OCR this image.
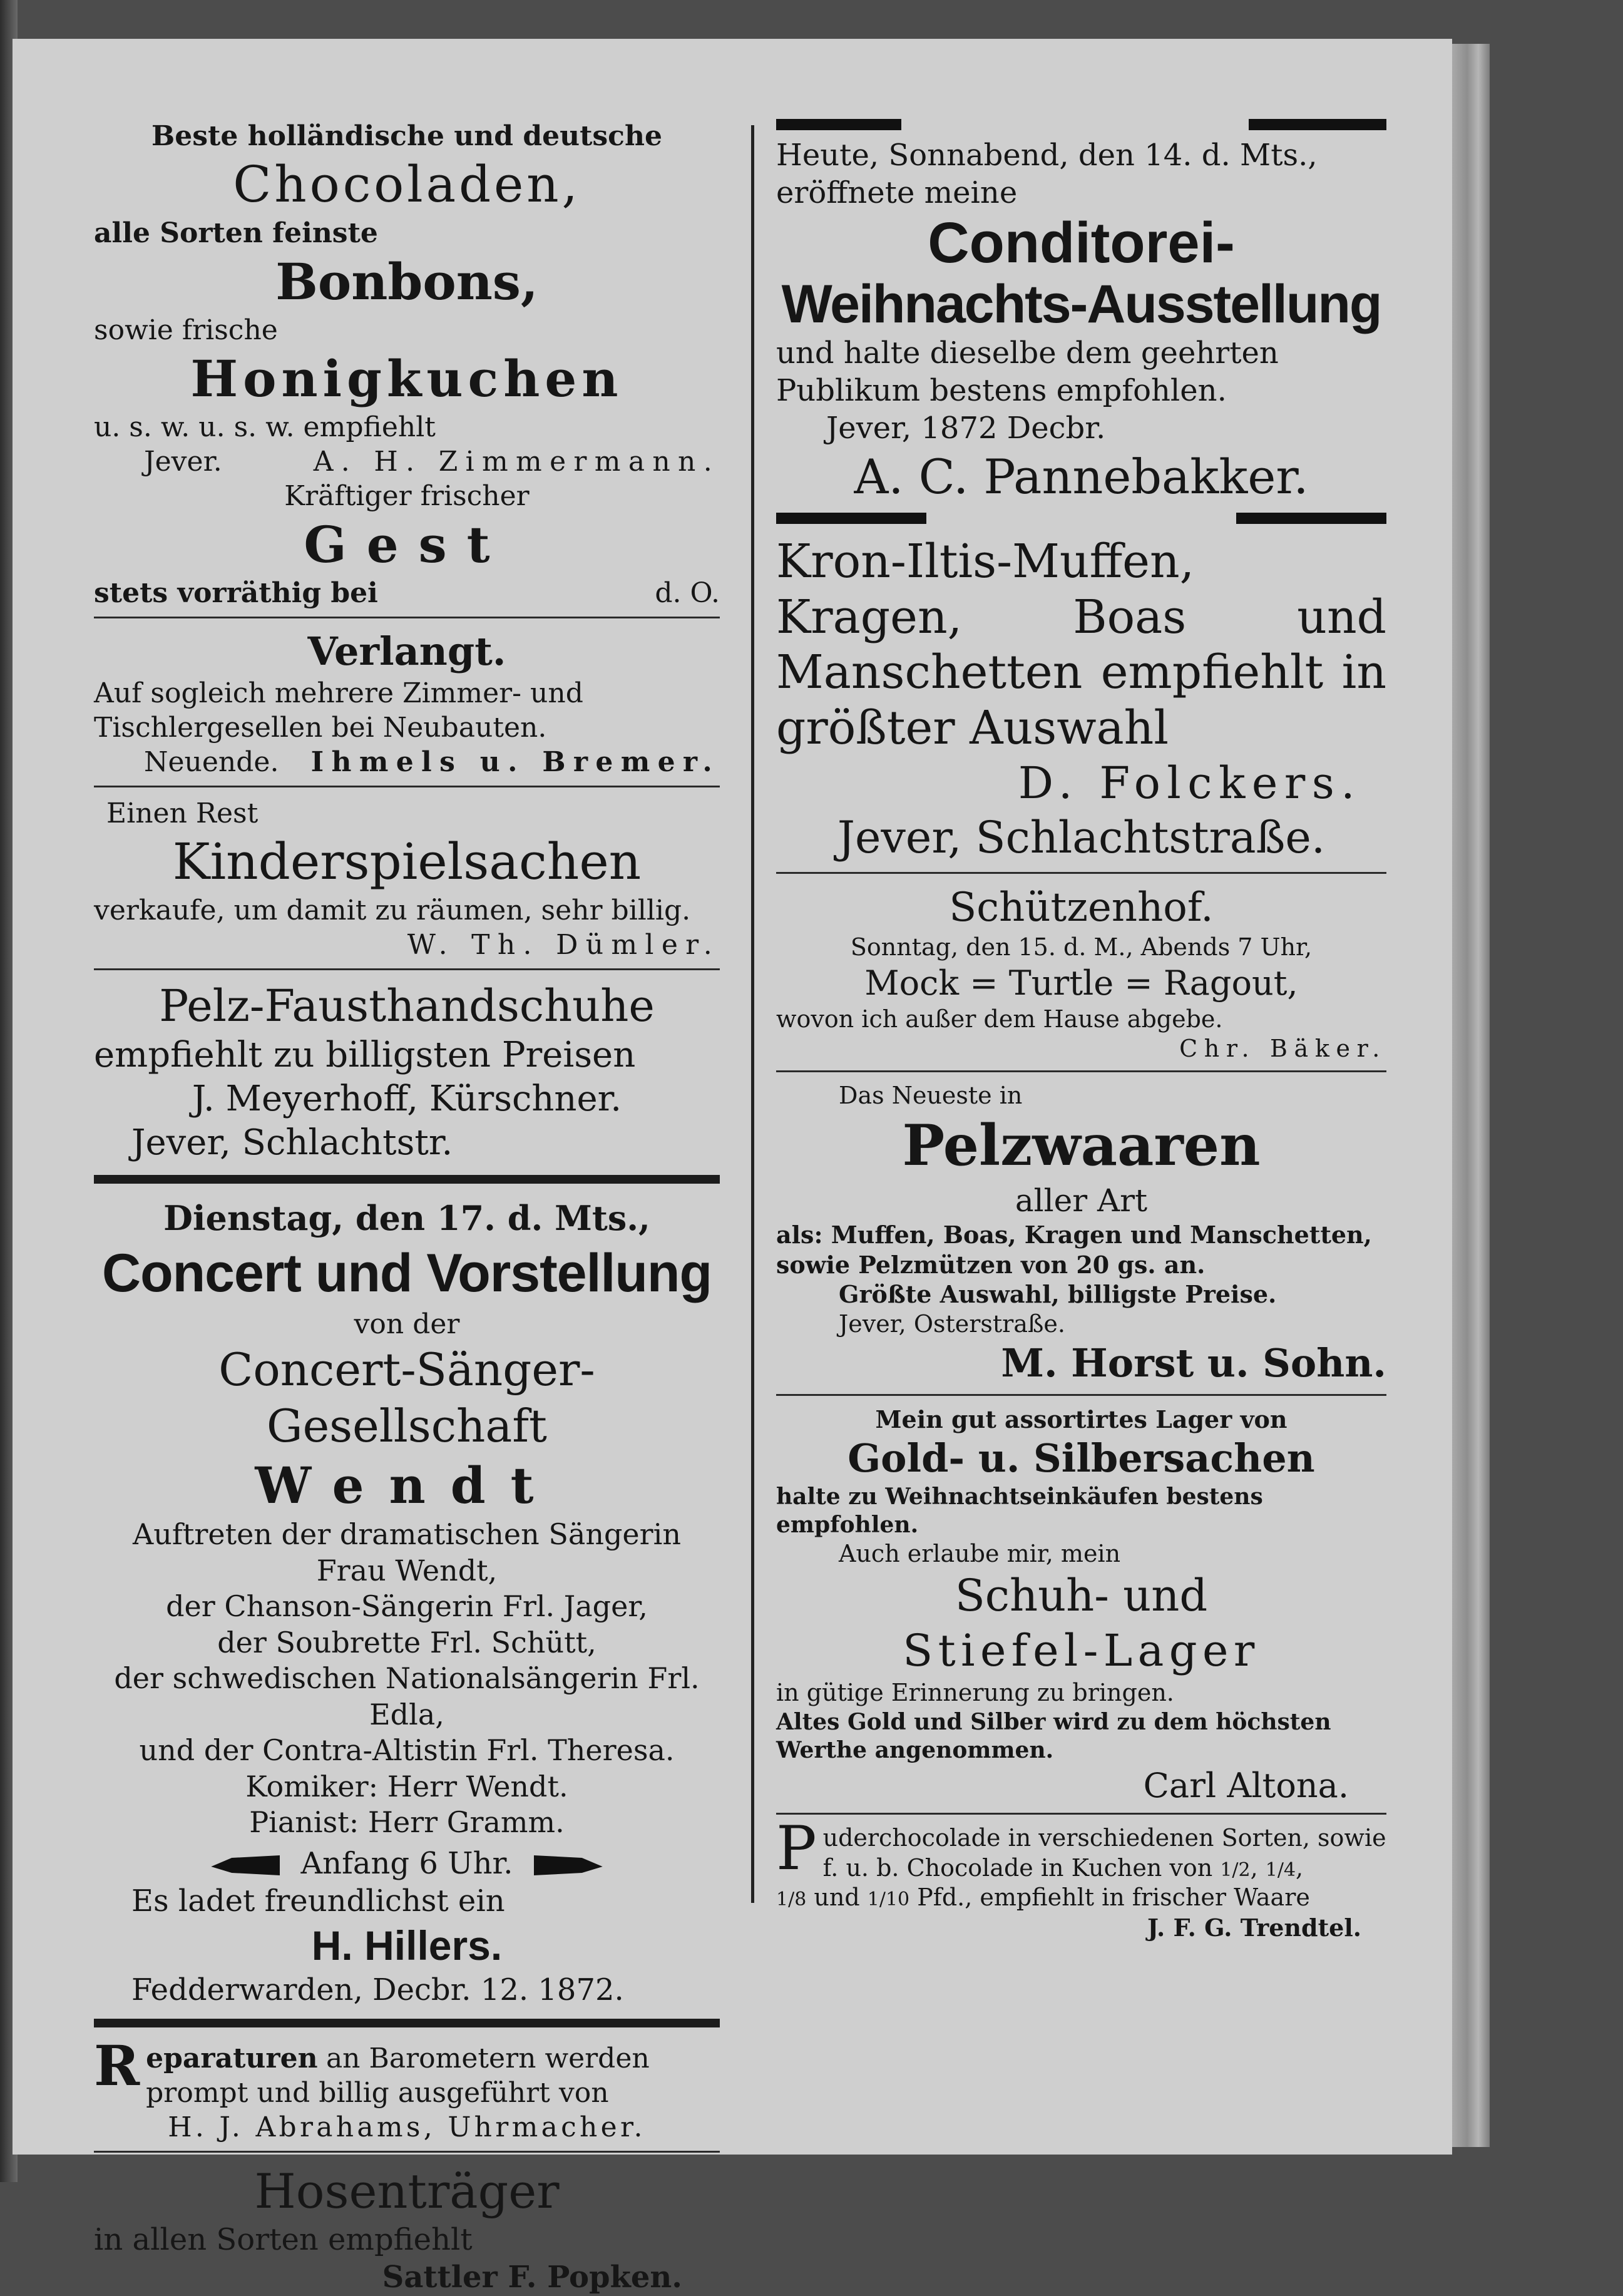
Beste holländische und deutsche
Chocoladen,
alle Sorten feinste
Bonbons,
sowie frische
Honigkuchen
u. s. w. u. s. w. empfiehlt
Jever.	A. H. Zimmermann.
Kräftiger frischer
Gest
stets vorräthig bei	d. O.
Verlangt.
Auf sogleich mehrere Zimmer- und Tischlergesellen bei Neubauten.
Neuende. Ihmels u. Bremer.
Einen Rest
Kinderspielsachen
verkaufe, um damit zu räumen, sehr billig.
W. Th. Dümler.
Pelz-Fausthandschuhe
empfiehlt zu billigsten Preisen
J. Meyerhoff, Kürschner.
Jever, Schlachtstr.
Dienstag, den 17. d. Mts.,
Concert und Vorstellung
von der
Concert-Sänger-Gesellschaft
Wendt
Auftreten der dramatischen Sängerin
Frau Wendt,
der Chanson-Sängerin Frl. Jager,
der Soubrette Frl. Schütt,
der schwedischen Nationalsängerin Frl. Edla,
und der Contra-Altistin Frl. Theresa.
Komiker: Herr Wendt.
Pianist: Herr Gramm.
Anfang 6 Uhr.
Es ladet freundlichst ein
H. Hillers.
Fedderwarden, Decbr. 12. 1872.
R eparaturen an Barometern werden prompt und billig ausgeführt von
H. J. Abrahams, Uhrmacher.
Hosenträger
in allen Sorten empfiehlt
Sattler F. Popken.
Heute, Sonnabend, den 14. d. Mts.,
eröffnete meine
Conditorei-
Weihnachts-Ausstellung
und halte dieselbe dem geehrten Publikum bestens empfohlen.
Jever, 1872 Decbr.
A. C. Pannebakker.
Kron-Iltis-Muffen, Kragen, Boas und Manschetten empfiehlt in größter Auswahl
D. Folckers.
Jever, Schlachtstraße.
Schützenhof.
Sonntag, den 15. d. M., Abends 7 Uhr,
Mock = Turtle = Ragout,
wovon ich außer dem Hause abgebe.
Chr. Bäker.
Das Neueste in
Pelzwaaren
aller Art
als: Muffen, Boas, Kragen und Manschetten, sowie Pelzmützen von 20 gs. an.
Größte Auswahl, billigste Preise.
Jever, Osterstraße.
M. Horst u. Sohn.
Mein gut assortirtes Lager von
Gold- u. Silbersachen
halte zu Weihnachtseinkäufen bestens empfohlen.
Auch erlaube mir, mein
Schuh- und
Stiefel-Lager
in gütige Erinnerung zu bringen.
Altes Gold und Silber wird zu dem höchsten Werthe angenommen.
Carl Altona.
P uderchocolade in verschiedenen Sorten, sowie
f. u. b. Chocolade in Kuchen von 1/2, 1/4,
1/8 und 1/10 Pfd., empfiehlt in frischer Waare
J. F. G. Trendtel.
